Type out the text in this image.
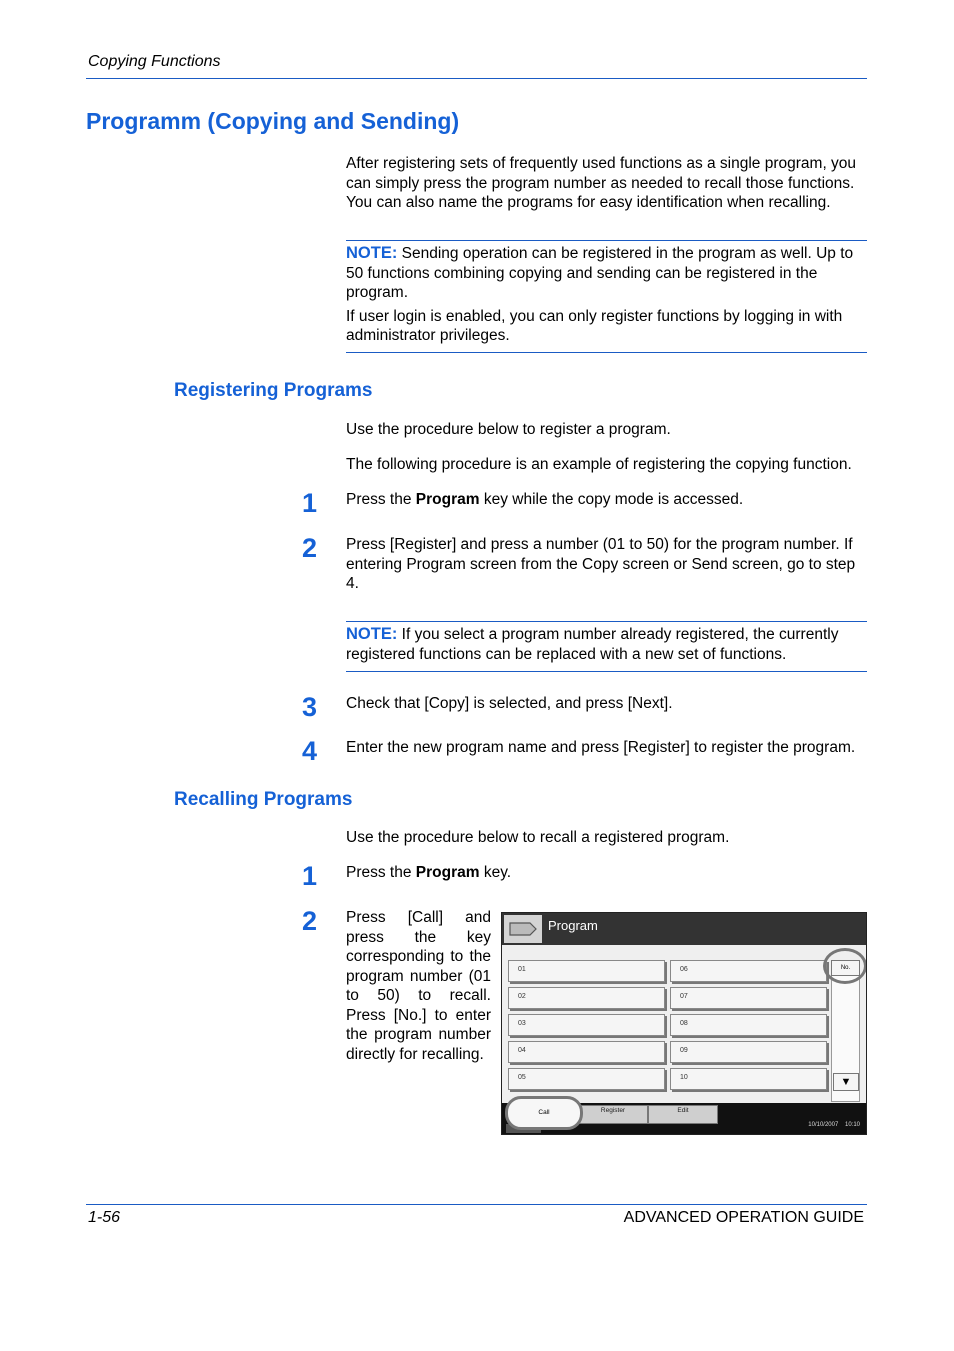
Copying Functions
Programm (Copying and Sending)
After registering sets of frequently used functions as a single program, you can simply press the program number as needed to recall those functions. You can also name the programs for easy identification when recalling.
NOTE: Sending operation can be registered in the program as well. Up to 50 functions combining copying and sending can be registered in the program.
If user login is enabled, you can only register functions by logging in with administrator privileges.
Registering Programs
Use the procedure below to register a program.
The following procedure is an example of registering the copying function.
1	Press the Program key while the copy mode is accessed.
2	Press [Register] and press a number (01 to 50) for the program number. If entering Program screen from the Copy screen or Send screen, go to step 4.
NOTE: If you select a program number already registered, the currently registered functions can be replaced with a new set of functions.
3	Check that [Copy] is selected, and press [Next].
4	Enter the new program name and press [Register] to register the program.
Recalling Programs
Use the procedure below to recall a registered program.
1	Press the Program key.
2	Press [Call] and press the key corresponding to the program number (01 to 50) to recall. Press [No.] to enter the program number directly for recalling.
Program
01
02
03
04
05
06
07
08
09
10
No.
▼
Register	Edit
Call
10/10/2007 10:10
1-56	ADVANCED OPERATION GUIDE
